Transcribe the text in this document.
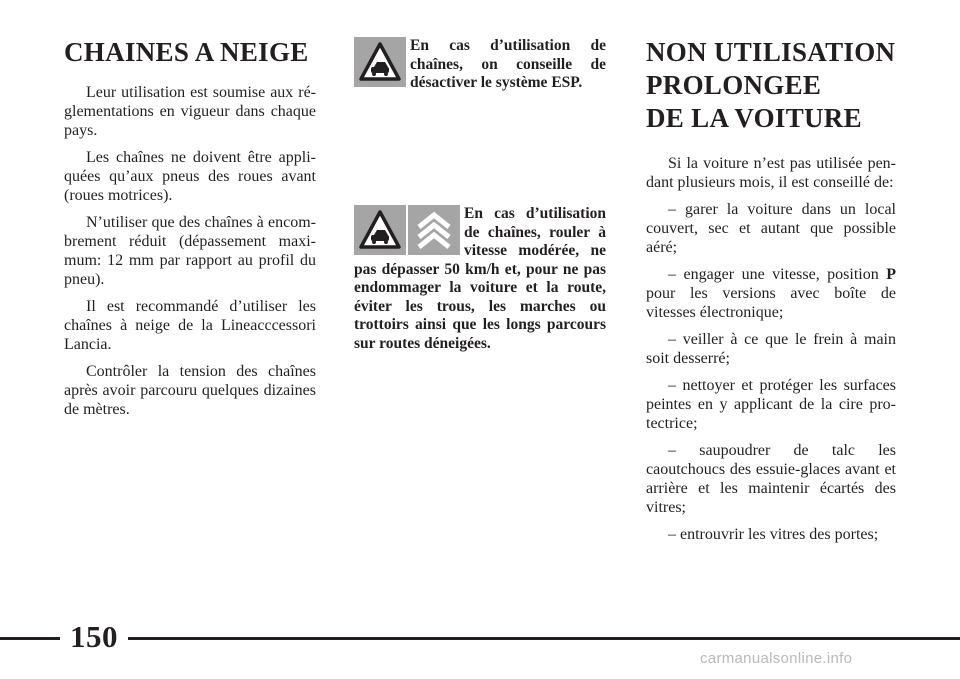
CHAINES A NEIGE

Leur utilisation est soumise aux réglementations en vigueur dans chaque pays.

Les chaînes ne doivent être appliquées qu’aux pneus des roues avant (roues motrices).

N’utiliser que des chaînes à encombrement réduit (dépassement maximum: 12 mm par rapport au profil du pneu).

Il est recommandé d’utiliser les chaînes à neige de la Lineacccessori Lancia.

Contrôler la tension des chaînes après avoir parcouru quelques dizaines de mètres.

En cas d’utilisation de chaînes, on conseille de désactiver le système ESP.
En cas d’utilisation de chaînes, rouler à vitesse modérée, ne pas dépasser 50 km/h et, pour ne pas endommager la voiture et la route, éviter les trous, les marches ou trottoirs ainsi que les longs parcours sur routes déneigées.
NON UTILISATION
PROLONGEE
DE LA VOITURE

Si la voiture n’est pas utilisée pendant plusieurs mois, il est conseillé de:

– garer la voiture dans un local couvert, sec et autant que possible aéré;

– engager une vitesse, position P pour les versions avec boîte de vitesses électronique;

– veiller à ce que le frein à main soit desserré;

– nettoyer et protéger les surfaces peintes en y applicant de la cire protectrice;

– saupoudrer de talc les caoutchoucs des essuie-glaces avant et arrière et les maintenir écartés des vitres;

– entrouvrir les vitres des portes;

150
carmanualsonline.info
